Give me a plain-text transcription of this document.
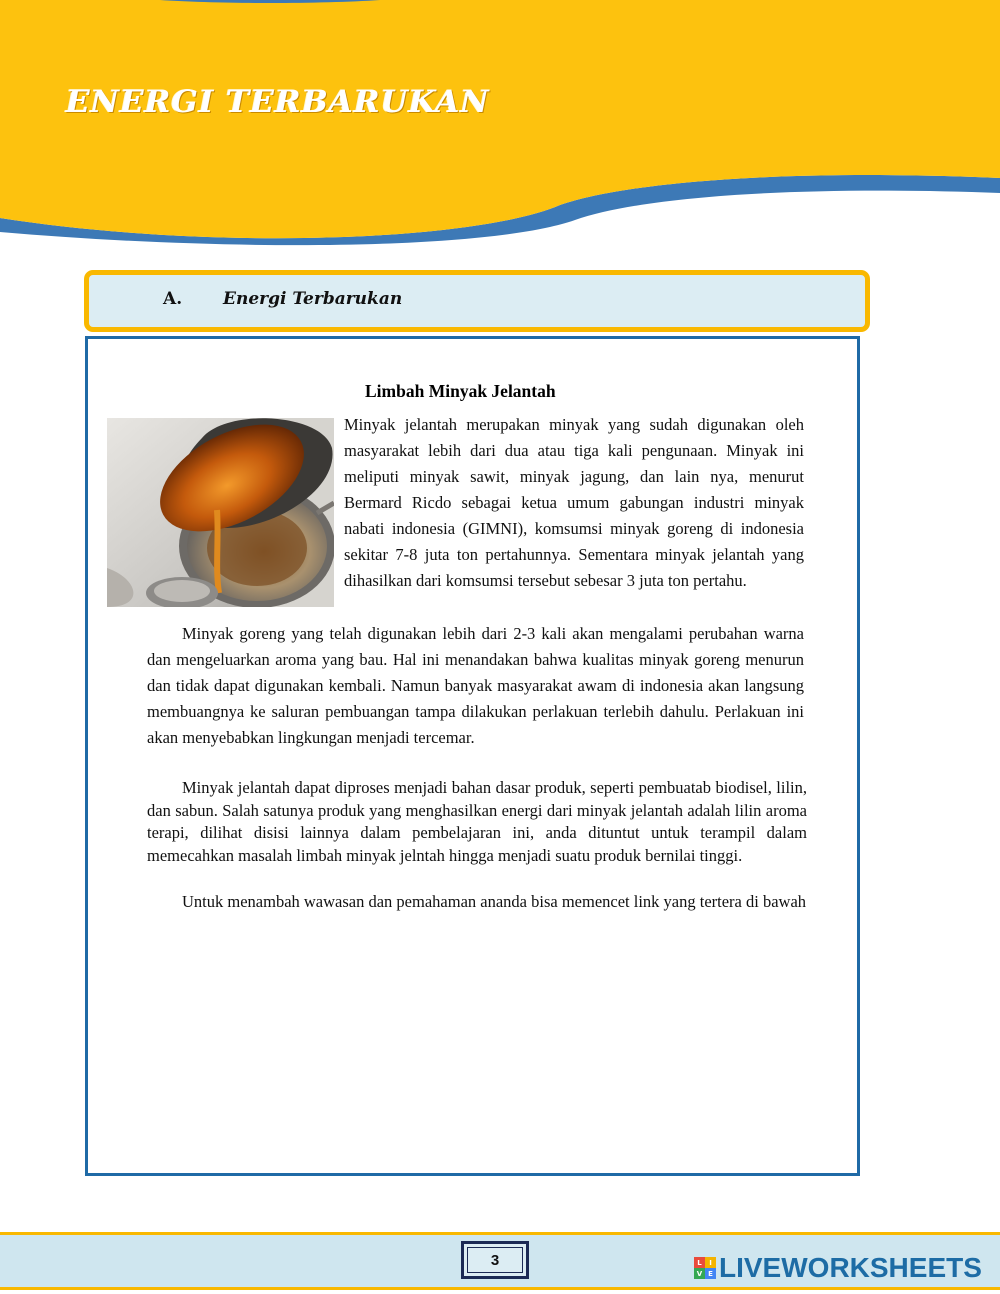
ENERGI TERBARUKAN
A. Energi Terbarukan
Limbah Minyak Jelantah

Minyak jelantah merupakan minyak yang sudah digunakan oleh masyarakat lebih dari dua atau tiga kali pengunaan. Minyak ini meliputi minyak sawit, minyak jagung, dan lain nya, menurut Bermard Ricdo sebagai ketua umum gabungan industri minyak nabati indonesia (GIMNI), komsumsi minyak goreng di indonesia sekitar 7-8 juta ton pertahunnya. Sementara minyak jelantah yang dihasilkan dari komsumsi tersebut sebesar 3 juta ton pertahu.

Minyak goreng yang telah digunakan lebih dari 2-3 kali akan mengalami perubahan warna dan mengeluarkan aroma yang bau. Hal ini menandakan bahwa kualitas minyak goreng menurun dan tidak dapat digunakan kembali. Namun banyak masyarakat awam di indonesia akan langsung membuangnya ke saluran pembuangan tampa dilakukan perlakuan terlebih dahulu. Perlakuan ini akan menyebabkan lingkungan menjadi tercemar.

Minyak jelantah dapat diproses menjadi bahan dasar produk, seperti pembuatab biodisel, lilin, dan sabun. Salah satunya produk yang menghasilkan energi dari minyak jelantah adalah lilin aroma terapi, dilihat disisi lainnya dalam pembelajaran ini, anda dituntut untuk terampil dalam memecahkan masalah limbah minyak jelntah hingga menjadi suatu produk bernilai tinggi.

Untuk menambah wawasan dan pemahaman ananda bisa memencet link yang tertera di bawah

3	L	I
V E LIVEWORKSHEETS
